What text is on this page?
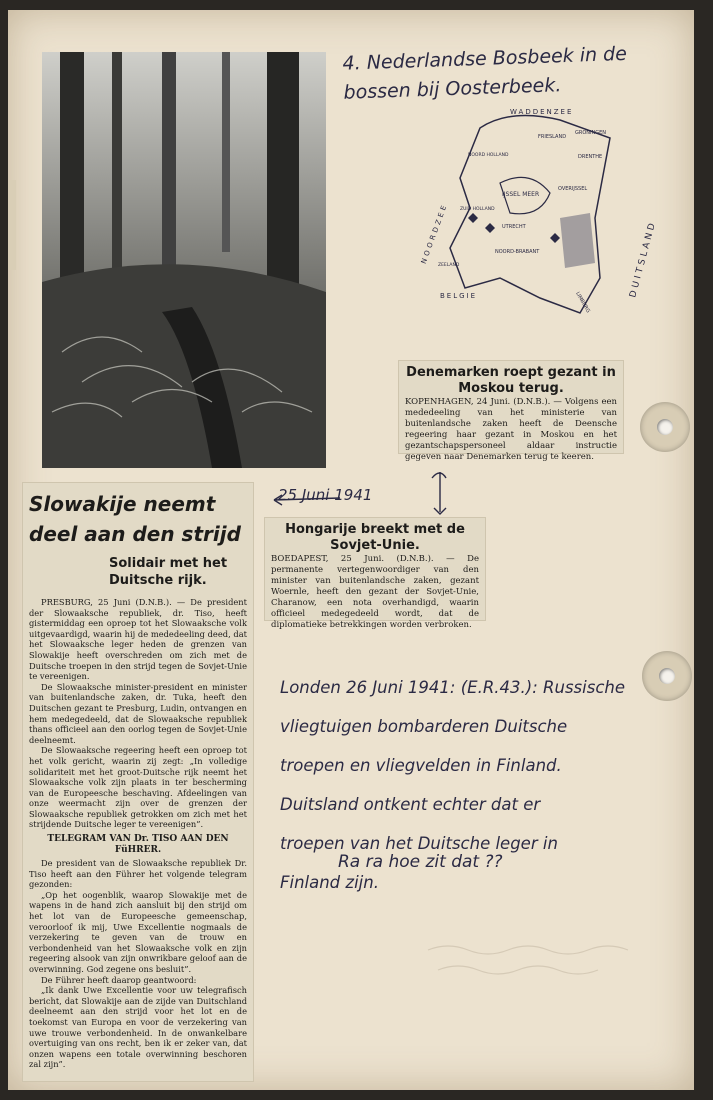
4. Nederlandse Bosbeek in de bossen bij Oosterbeek.
WADDENZEE
NOORDZEE
IJSSEL MEER
BELGIE	DUITSLAND
FRIESLAND
GRONINGEN
DRENTHE
OVERIJSSEL
UTRECHT
NOORD-BRABANT
LIMBURG
NOORD HOLLAND
ZUID HOLLAND
ZEELAND
Denemarken roept gezant in Moskou terug.

KOPENHAGEN, 24 Juni. (D.N.B.). — Volgens een mededeeling van het ministerie van buitenlandsche zaken heeft de Deensche regeering haar gezant in Moskou en het gezantschapspersoneel aldaar instructie gegeven naar Denemarken terug te keeren.

25 Juni 1941
Hongarije breekt met de Sovjet-Unie.

BOEDAPEST, 25 Juni. (D.N.B.). — De permanente vertegenwoordiger van den minister van buitenlandsche zaken, gezant Woernle, heeft den gezant der Sovjet-Unie, Charanow, een nota overhandigd, waarin officieel medegedeeld wordt, dat de diplomatieke betrekkingen worden verbroken.

Slowakije neemt deel aan den strijd
Solidair met het Duitsche rijk.

PRESBURG, 25 Juni (D.N.B.). — De president der Slowaaksche republiek, dr. Tiso, heeft gistermiddag een oproep tot het Slowaaksche volk uitgevaardigd, waarin hij de mededeeling deed, dat het Slowaaksche leger heden de grenzen van Slowakije heeft overschreden om zich met de Duitsche troepen in den strijd tegen de Sovjet-Unie te vereenigen.

De Slowaaksche minister-president en minister van buitenlandsche zaken, dr. Tuka, heeft den Duitschen gezant te Presburg, Ludin, ontvangen en hem medegedeeld, dat de Slowaaksche republiek thans officieel aan den oorlog tegen de Sovjet-Unie deelneemt.

De Slowaaksche regeering heeft een oproep tot het volk gericht, waarin zij zegt: „In volledige solidariteit met het groot-Duitsche rijk neemt het Slowaaksche volk zijn plaats in ter bescherming van de Europeesche beschaving. Afdeelingen van onze weermacht zijn over de grenzen der Slowaaksche republiek getrokken om zich met het strijdende Duitsche leger te vereenigen”.

TELEGRAM VAN Dr. TISO AAN DEN FüHRER.

De president van de Slowaaksche republiek Dr. Tiso heeft aan den Führer het volgende telegram gezonden:

„Op het oogenblik, waarop Slowakije met de wapens in de hand zich aansluit bij den strijd om het lot van de Europeesche gemeenschap, veroorloof ik mij, Uwe Excellentie nogmaals de verzekering te geven van de trouw en verbondenheid van het Slowaaksche volk en zijn regeering alsook van zijn onwrikbare geloof aan de overwinning. God zegene ons besluit”.

De Führer heeft daarop geantwoord:

„Ik dank Uwe Excellentie voor uw telegrafisch bericht, dat Slowakije aan de zijde van Duitschland deelneemt aan den strijd voor het lot en de toekomst van Europa en voor de verzekering van uwe trouwe verbondenheid. In de onwankelbare overtuiging van ons recht, ben ik er zeker van, dat onzen wapens een totale overwinning beschoren zal zijn”.

Londen 26 Juni 1941: (E.R.43.): Russische
vliegtuigen bombarderen Duitsche
troepen en vliegvelden in Finland.
Duitsland ontkent echter dat er
troepen van het Duitsche leger in
Finland zijn.
Ra ra hoe zit dat ??
